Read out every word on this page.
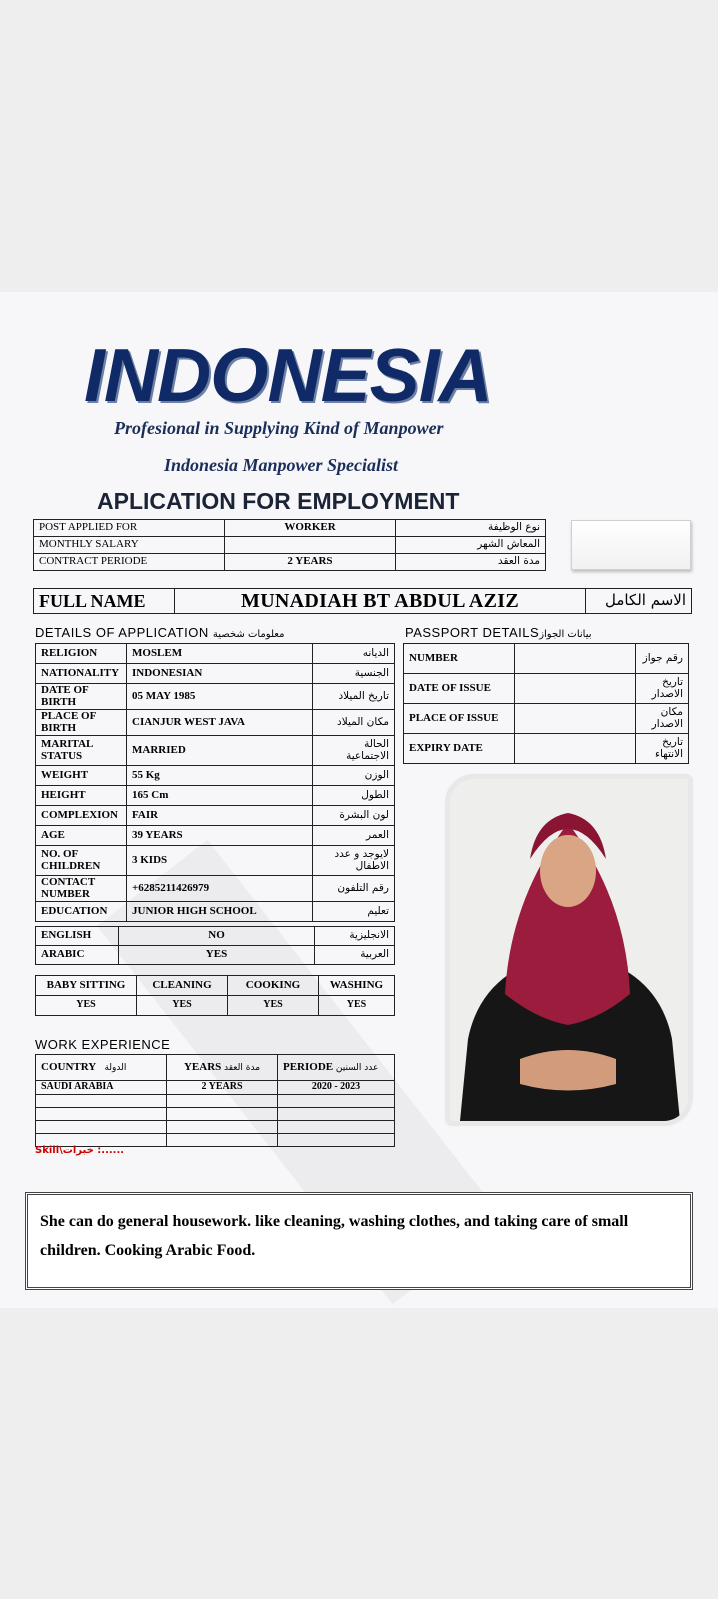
INDONESIA
Profesional in Supplying Kind of Manpower
Indonesia Manpower Specialist
APLICATION FOR EMPLOYMENT
POST APPLIED FOR	WORKER	نوع الوظيفة
MONTHLY SALARY		المعاش الشهر
CONTRACT PERIODE	2 YEARS	مدة العقد
FULL NAME	MUNADIAH BT ABDUL AZIZ	الاسم الكامل
DETAILS OF APPLICATION معلومات شخصية	PASSPORT DETAILSبيانات الجواز
RELIGION	MOSLEM	الديانه
NATIONALITY	INDONESIAN	الجنسية
DATE OF BIRTH	05 MAY 1985	تاريخ الميلاد
PLACE OF BIRTH	CIANJUR WEST JAVA	مكان الميلاد
MARITAL STATUS	MARRIED	الحالة الاجتماعية
WEIGHT	55 Kg	الوزن
HEIGHT	165 Cm	الطول
COMPLEXION	FAIR	لون البشرة
AGE	39 YEARS	العمر
NO. OF CHILDREN	3 KIDS	لايوجد و عدد الاطفال
CONTACT NUMBER	+6285211426979	رقم التلفون
EDUCATION	JUNIOR HIGH SCHOOL	تعليم
NUMBER		رقم جواز
DATE OF ISSUE		تاريخ الاصدار
PLACE OF ISSUE		مكان الاصدار
EXPIRY DATE		تاريخ الانتهاء
ENGLISH	NO	الانجليزية
ARABIC	YES	العربية
BABY SITTING	CLEANING	COOKING	WASHING
YES	YES	YES	YES
WORK EXPERIENCE
COUNTRY الدولة	YEARS مدة العقد	PERIODE عدد السنين
SAUDI ARABIA	2 YEARS	2020 - 2023

Skill\خبرات :......
She can do general housework. like cleaning, washing clothes, and taking care of small children. Cooking Arabic Food.
